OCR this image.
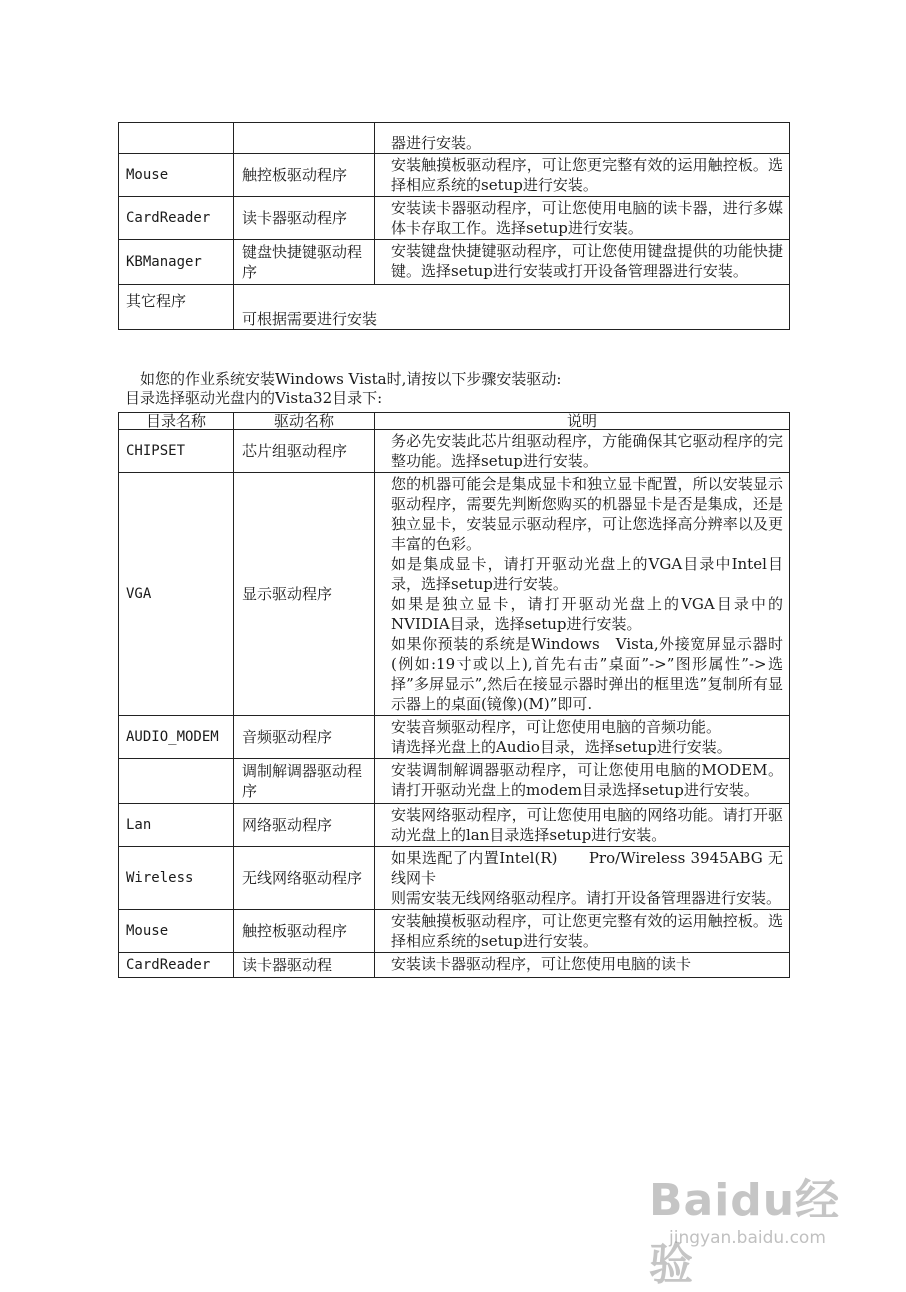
		器进行安装。

Mouse	触控板驱动程序	安装触摸板驱动程序，可让您更完整有效的运用触控板。选择相应系统的setup进行安装。

CardReader	读卡器驱动程序	安装读卡器驱动程序，可让您使用电脑的读卡器，进行多媒体卡存取工作。选择setup进行安装。

KBManager	键盘快捷键驱动程序	安装键盘快捷键驱动程序，可让您使用键盘提供的功能快捷键。选择setup进行安装或打开设备管理器进行安装。

其它程序	可根据需要进行安装	
如您的作业系统安装Windows Vista时,请按以下步骤安装驱动:
目录选择驱动光盘内的Vista32目录下:
目录名称	驱动名称	说明
CHIPSET	芯片组驱动程序	务必先安装此芯片组驱动程序，方能确保其它驱动程序的完整功能。选择setup进行安装。

VGA	显示驱动程序	您的机器可能会是集成显卡和独立显卡配置，所以安装显示驱动程序，需要先判断您购买的机器显卡是否是集成，还是独立显卡，安装显示驱动程序，可让您选择高分辨率以及更丰富的色彩。

如是集成显卡，请打开驱动光盘上的VGA目录中Intel目录，选择setup进行安装。

如果是独立显卡，请打开驱动光盘上的VGA目录中的NVIDIA目录，选择setup进行安装。

如果你预装的系统是Windows　Vista,外接宽屏显示器时(例如:19寸或以上),首先右击”桌面”->”图形属性”->选择”多屏显示”,然后在接显示器时弹出的框里选”复制所有显示器上的桌面(镜像)(M)”即可.

AUDIO_MODEM	音频驱动程序	安装音频驱动程序，可让您使用电脑的音频功能。

请选择光盘上的Audio目录，选择setup进行安装。

	调制解调器驱动程序	安装调制解调器驱动程序，可让您使用电脑的MODEM。请打开驱动光盘上的modem目录选择setup进行安装。

Lan	网络驱动程序	安装网络驱动程序，可让您使用电脑的网络功能。请打开驱动光盘上的lan目录选择setup进行安装。

Wireless	无线网络驱动程序	如果选配了内置Intel(R)　　Pro/Wireless 3945ABG 无线网卡

则需安装无线网络驱动程序。请打开设备管理器进行安装。

Mouse	触控板驱动程序	安装触摸板驱动程序，可让您更完整有效的运用触控板。选择相应系统的setup进行安装。

CardReader	读卡器驱动程	安装读卡器驱动程序，可让您使用电脑的读卡

Baidu经验
jingyan.baidu.com
